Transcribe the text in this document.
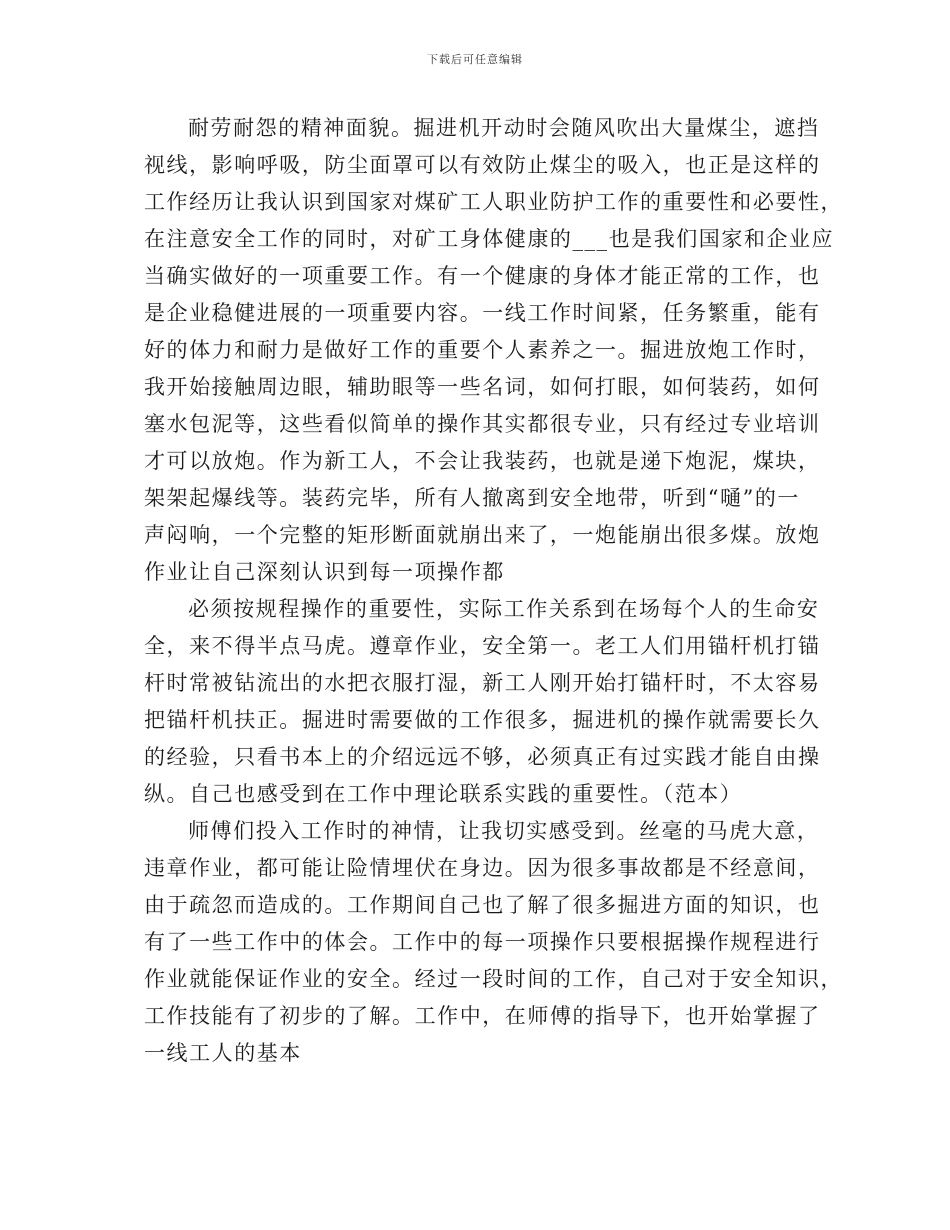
下载后可任意编辑
耐劳耐怨的精神面貌。掘进机开动时会随风吹出大量煤尘，遮挡
视线，影响呼吸，防尘面罩可以有效防止煤尘的吸入，也正是这样的
工作经历让我认识到国家对煤矿工人职业防护工作的重要性和必要性，
在注意安全工作的同时，对矿工身体健康的___也是我们国家和企业应
当确实做好的一项重要工作。有一个健康的身体才能正常的工作，也
是企业稳健进展的一项重要内容。一线工作时间紧，任务繁重，能有
好的体力和耐力是做好工作的重要个人素养之一。掘进放炮工作时，
我开始接触周边眼，辅助眼等一些名词，如何打眼，如何装药，如何
塞水包泥等，这些看似简单的操作其实都很专业，只有经过专业培训
才可以放炮。作为新工人，不会让我装药，也就是递下炮泥，煤块，
架架起爆线等。装药完毕，所有人撤离到安全地带，听到“嗵”的一
声闷响，一个完整的矩形断面就崩出来了，一炮能崩出很多煤。放炮
作业让自己深刻认识到每一项操作都
必须按规程操作的重要性，实际工作关系到在场每个人的生命安
全，来不得半点马虎。遵章作业，安全第一。老工人们用锚杆机打锚
杆时常被钻流出的水把衣服打湿，新工人刚开始打锚杆时，不太容易
把锚杆机扶正。掘进时需要做的工作很多，掘进机的操作就需要长久
的经验，只看书本上的介绍远远不够，必须真正有过实践才能自由操
纵。自己也感受到在工作中理论联系实践的重要性。（范本）
师傅们投入工作时的神情，让我切实感受到。丝毫的马虎大意，
违章作业，都可能让险情埋伏在身边。因为很多事故都是不经意间，
由于疏忽而造成的。工作期间自己也了解了很多掘进方面的知识，也
有了一些工作中的体会。工作中的每一项操作只要根据操作规程进行
作业就能保证作业的安全。经过一段时间的工作，自己对于安全知识，
工作技能有了初步的了解。工作中，在师傅的指导下，也开始掌握了
一线工人的基本
